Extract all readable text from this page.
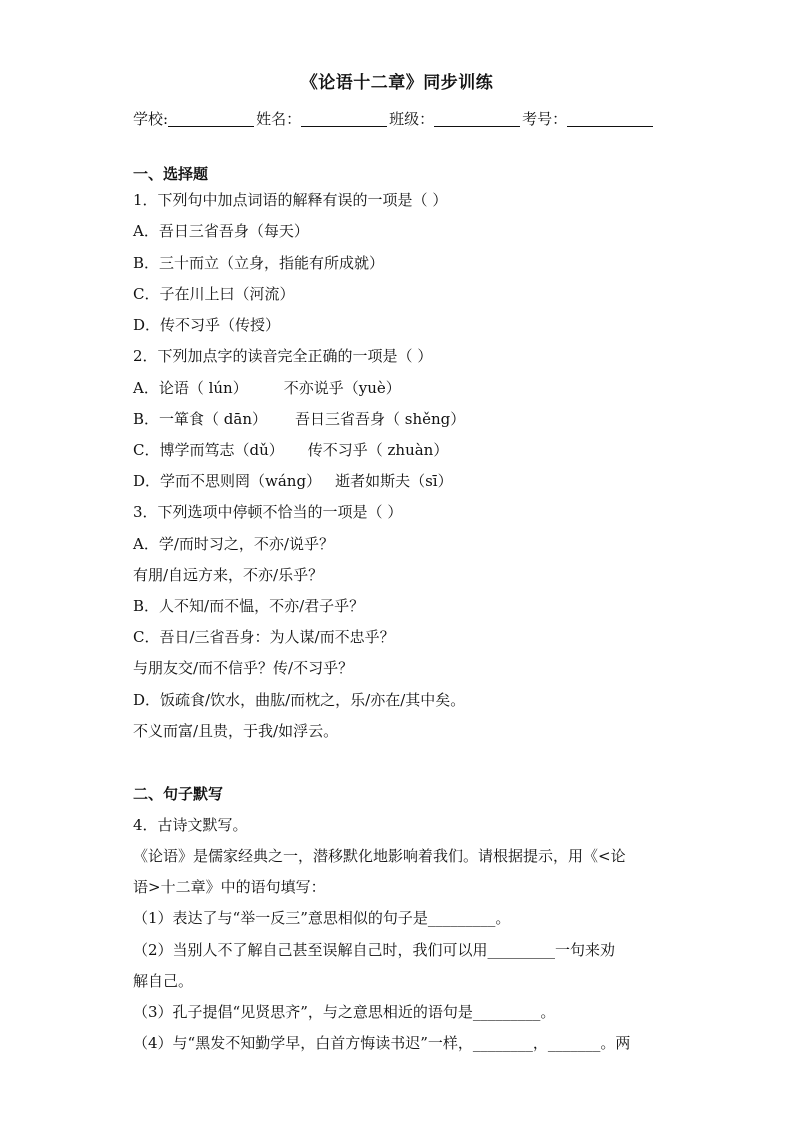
《论语十二章》同步训练
学校:	姓名：	班级：	考号：
一、选择题
1．下列句中加点词语的解释有误的一项是（ ）
A．吾日三省吾身（每天）
B．三十而立（立身，指能有所成就）
C．子在川上曰（河流）
D．传不习乎（传授）
2．下列加点字的读音完全正确的一项是（ ）
A．论语（ lún） 不亦说乎（yuè）
B．一箪食（ dān） 吾日三省吾身（ shěng）
C．博学而笃志（dǔ） 传不习乎（ zhuàn）
D．学而不思则罔（wáng） 逝者如斯夫（sī）
3．下列选项中停顿不恰当的一项是（ ）
A．学/而时习之，不亦/说乎？
有朋/自远方来，不亦/乐乎？
B．人不知/而不愠，不亦/君子乎？
C．吾日/三省吾身：为人谋/而不忠乎？
与朋友交/而不信乎？传/不习乎？
D．饭疏食/饮水，曲肱/而枕之，乐/亦在/其中矣。
不义而富/且贵，于我/如浮云。
二、句子默写
4．古诗文默写。
《论语》是儒家经典之一，潜移默化地影响着我们。请根据提示，用《<论
语>十二章》中的语句填写：
（1）表达了与“举一反三”意思相似的句子是_________。
（2）当别人不了解自己甚至误解自己时，我们可以用_________一句来劝
解自己。
（3）孔子提倡“见贤思齐”，与之意思相近的语句是_________。
（4）与“黑发不知勤学早，白首方悔读书迟”一样，________，_______。两
